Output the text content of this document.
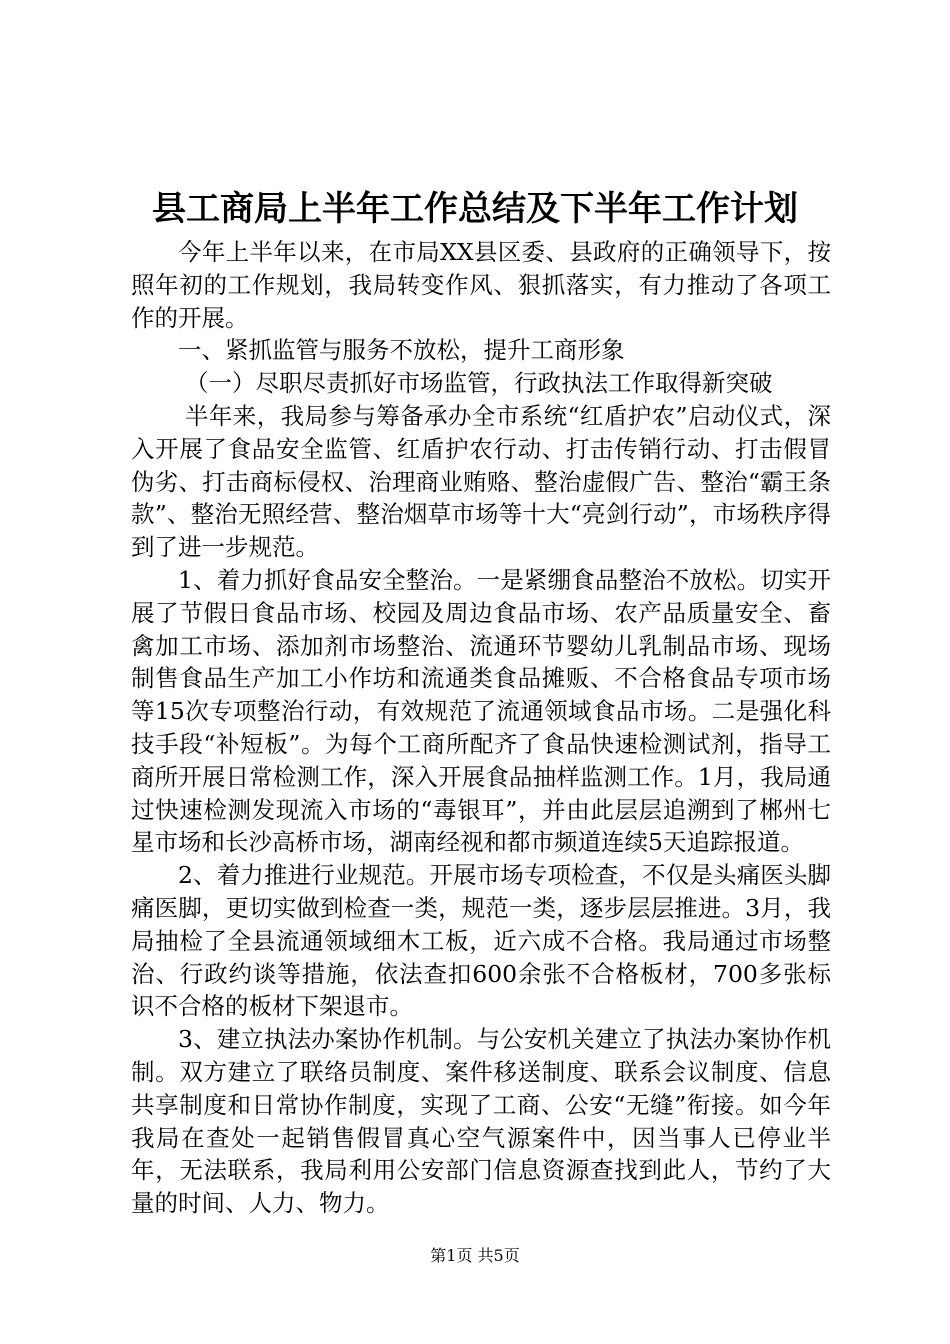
县工商局上半年工作总结及下半年工作计划

今年上半年以来，在市局XX县区委、县政府的正确领导下，按照年初的工作规划，我局转变作风、狠抓落实，有力推动了各项工作的开展。

一、紧抓监管与服务不放松，提升工商形象

（一）尽职尽责抓好市场监管，行政执法工作取得新突破

半年来，我局参与筹备承办全市系统“红盾护农”启动仪式，深入开展了食品安全监管、红盾护农行动、打击传销行动、打击假冒伪劣、打击商标侵权、治理商业贿赂、整治虚假广告、整治“霸王条款”、整治无照经营、整治烟草市场等十大“亮剑行动”，市场秩序得到了进一步规范。

1、着力抓好食品安全整治。一是紧绷食品整治不放松。切实开展了节假日食品市场、校园及周边食品市场、农产品质量安全、畜禽加工市场、添加剂市场整治、流通环节婴幼儿乳制品市场、现场制售食品生产加工小作坊和流通类食品摊贩、不合格食品专项市场等15次专项整治行动，有效规范了流通领域食品市场。二是强化科技手段“补短板”。为每个工商所配齐了食品快速检测试剂，指导工商所开展日常检测工作，深入开展食品抽样监测工作。1月，我局通过快速检测发现流入市场的“毒银耳”，并由此层层追溯到了郴州七星市场和长沙高桥市场，湖南经视和都市频道连续5天追踪报道。

2、着力推进行业规范。开展市场专项检查，不仅是头痛医头脚痛医脚，更切实做到检查一类，规范一类，逐步层层推进。3月，我局抽检了全县流通领域细木工板，近六成不合格。我局通过市场整治、行政约谈等措施，依法查扣600余张不合格板材，700多张标识不合格的板材下架退市。

3、建立执法办案协作机制。与公安机关建立了执法办案协作机制。双方建立了联络员制度、案件移送制度、联系会议制度、信息共享制度和日常协作制度，实现了工商、公安“无缝”衔接。如今年我局在查处一起销售假冒真心空气源案件中，因当事人已停业半年，无法联系，我局利用公安部门信息资源查找到此人，节约了大量的时间、人力、物力。

第1页 共5页
